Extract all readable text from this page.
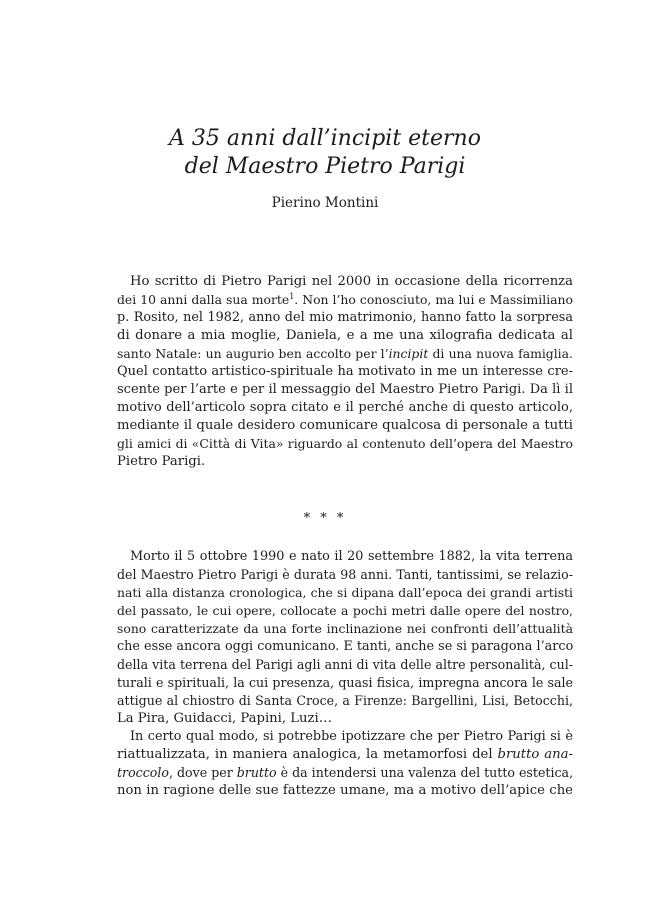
A 35 anni dall’incipit eterno
del Maestro Pietro Parigi
Pierino Montini
Ho scritto di Pietro Parigi nel 2000 in occasione della ricorrenza
dei 10 anni dalla sua morte$^1$. Non l’ho conosciuto, ma lui e Massimiliano
p. Rosito, nel 1982, anno del mio matrimonio, hanno fatto la sorpresa
di donare a mia moglie, Daniela, e a me una xilografia dedicata al
santo Natale: un augurio ben accolto per l’incipit di una nuova famiglia.
Quel contatto artistico-spirituale ha motivato in me un interesse cre-
scente per l’arte e per il messaggio del Maestro Pietro Parigi. Da lì il
motivo dell’articolo sopra citato e il perché anche di questo articolo,
mediante il quale desidero comunicare qualcosa di personale a tutti
gli amici di «Città di Vita» riguardo al contenuto dell’opera del Maestro
Pietro Parigi.
* * *
Morto il 5 ottobre 1990 e nato il 20 settembre 1882, la vita terrena
del Maestro Pietro Parigi è durata 98 anni. Tanti, tantissimi, se relazio-
nati alla distanza cronologica, che si dipana dall’epoca dei grandi artisti
del passato, le cui opere, collocate a pochi metri dalle opere del nostro,
sono caratterizzate da una forte inclinazione nei confronti dell’attualità
che esse ancora oggi comunicano. E tanti, anche se si paragona l’arco
della vita terrena del Parigi agli anni di vita delle altre personalità, cul-
turali e spirituali, la cui presenza, quasi fisica, impregna ancora le sale
attigue al chiostro di Santa Croce, a Firenze: Bargellini, Lisi, Betocchi,
La Pira, Guidacci, Papini, Luzi…
In certo qual modo, si potrebbe ipotizzare che per Pietro Parigi si è
riattualizzata, in maniera analogica, la metamorfosi del brutto ana-
troccolo, dove per brutto è da intendersi una valenza del tutto estetica,
non in ragione delle sue fattezze umane, ma a motivo dell’apice che
